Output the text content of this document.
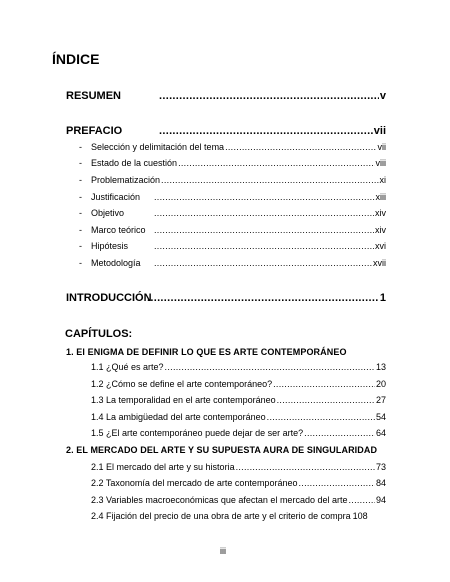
ÍNDICE
RESUMEN .....	v
PREFACIO .....	vii
- Selección y delimitación del tema .....	vii
- Estado de la cuestión .....	viii
- Problematización .....	xi
- Justificación .....	xiii
- Objetivo .....	xiv
- Marco teórico .....	xiv
- Hipótesis .....	xvi
- Metodología .....	xvii
INTRODUCCIÓN .....	1
CAPÍTULOS:
1. El ENIGMA DE DEFINIR LO QUE ES ARTE CONTEMPORÁNEO
1.1 ¿Qué es arte? .....	13
1.2 ¿Cómo se define el arte contemporáneo? .....	20
1.3 La temporalidad en el arte contemporáneo .....	27
1.4 La ambigüedad del arte contemporáneo .....	54
1.5 ¿El arte contemporáneo puede dejar de ser arte? .....	64
2. EL MERCADO DEL ARTE Y SU SUPUESTA AURA DE SINGULARIDAD
2.1 El mercado del arte y su historia .....	73
2.2 Taxonomía del mercado de arte contemporáneo .....	84
2.3 Variables macroeconómicas que afectan el mercado del arte .....	94
2.4 Fijación del precio de una obra de arte y el criterio de compra 108
iii
